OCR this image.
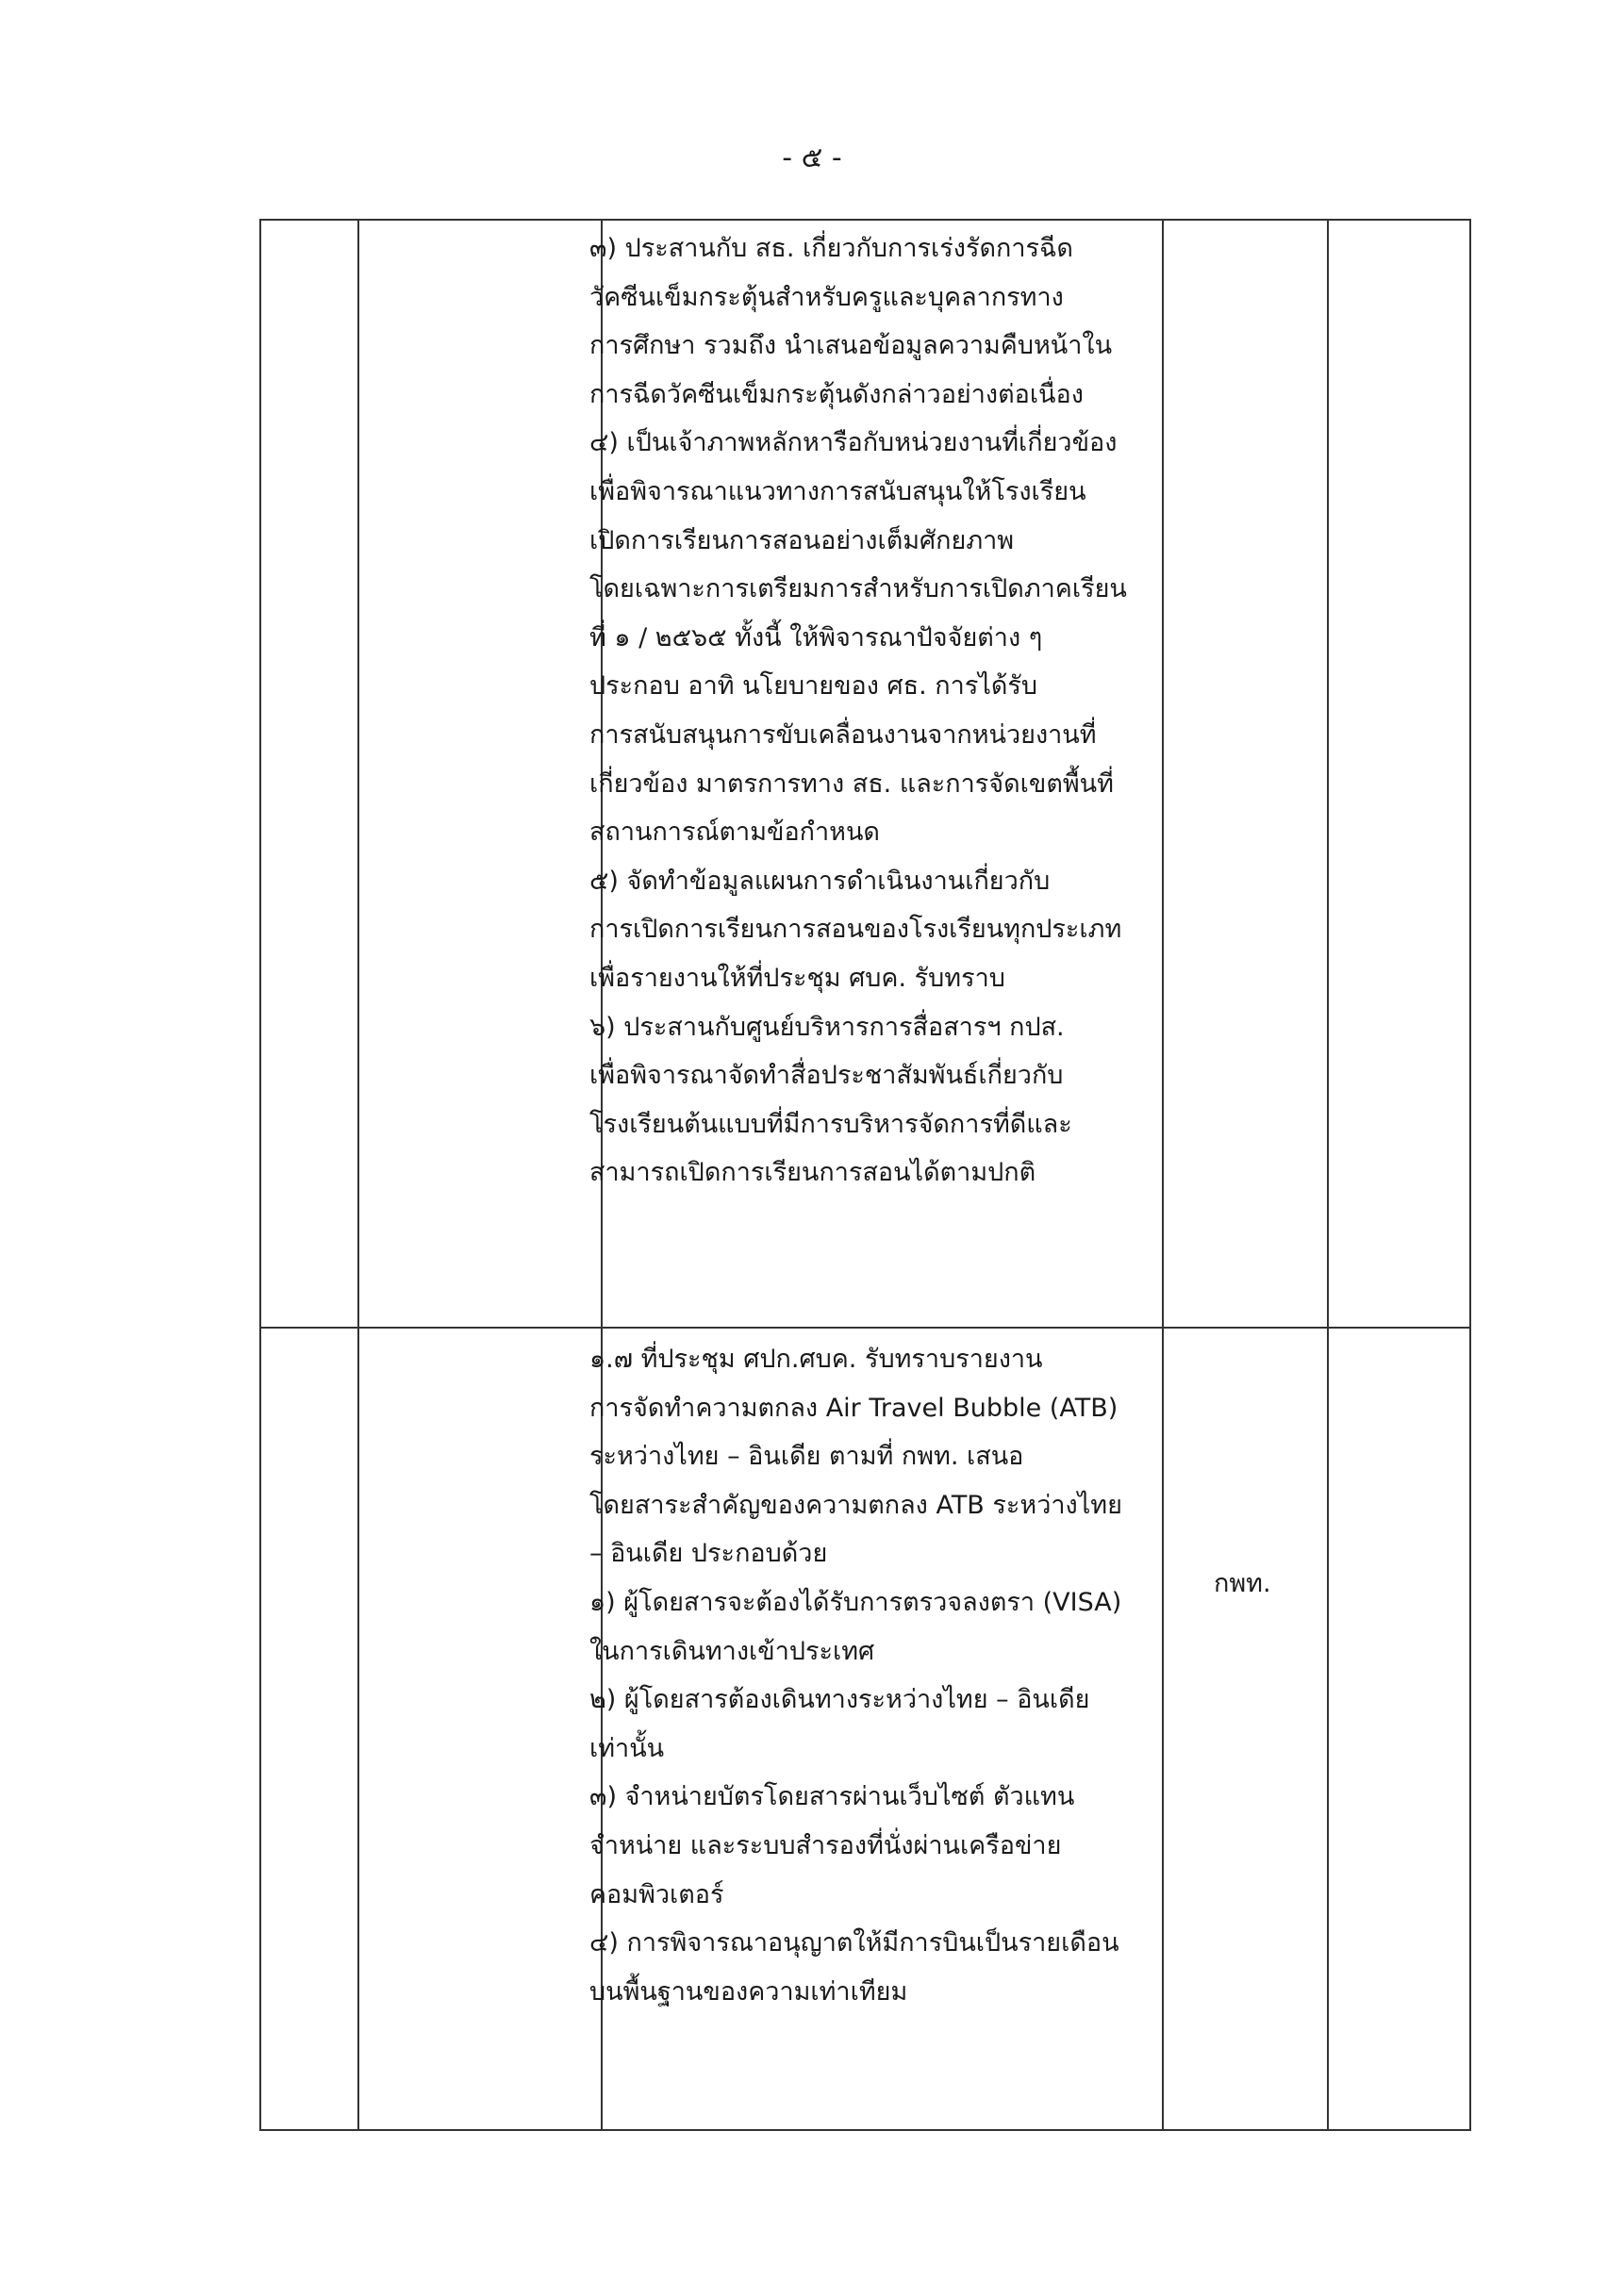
- ๕ -
๓) ประสานกับ สธ. เกี่ยวกับการเร่งรัดการฉีด
วัคซีนเข็มกระตุ้นสำหรับครูและบุคลากรทาง
การศึกษา รวมถึง นำเสนอข้อมูลความคืบหน้าใน
การฉีดวัคซีนเข็มกระตุ้นดังกล่าวอย่างต่อเนื่อง
๔) เป็นเจ้าภาพหลักหารือกับหน่วยงานที่เกี่ยวข้อง
เพื่อพิจารณาแนวทางการสนับสนุนให้โรงเรียน
เปิดการเรียนการสอนอย่างเต็มศักยภาพ
โดยเฉพาะการเตรียมการสำหรับการเปิดภาคเรียน
ที่ ๑ / ๒๕๖๕ ทั้งนี้ ให้พิจารณาปัจจัยต่าง ๆ
ประกอบ อาทิ นโยบายของ ศธ. การได้รับ
การสนับสนุนการขับเคลื่อนงานจากหน่วยงานที่
เกี่ยวข้อง มาตรการทาง สธ. และการจัดเขตพื้นที่
สถานการณ์ตามข้อกำหนด
๕) จัดทำข้อมูลแผนการดำเนินงานเกี่ยวกับ
การเปิดการเรียนการสอนของโรงเรียนทุกประเภท
เพื่อรายงานให้ที่ประชุม ศบค. รับทราบ
๖) ประสานกับศูนย์บริหารการสื่อสารฯ กปส.
เพื่อพิจารณาจัดทำสื่อประชาสัมพันธ์เกี่ยวกับ
โรงเรียนต้นแบบที่มีการบริหารจัดการที่ดีและ
สามารถเปิดการเรียนการสอนได้ตามปกติ
กพท.
๑.๗ ที่ประชุม ศปก.ศบค. รับทราบรายงาน
การจัดทำความตกลง Air Travel Bubble (ATB)
ระหว่างไทย – อินเดีย ตามที่ กพท. เสนอ
โดยสาระสำคัญของความตกลง ATB ระหว่างไทย
– อินเดีย ประกอบด้วย
๑) ผู้โดยสารจะต้องได้รับการตรวจลงตรา (VISA)
ในการเดินทางเข้าประเทศ
๒) ผู้โดยสารต้องเดินทางระหว่างไทย – อินเดีย
เท่านั้น
๓) จำหน่ายบัตรโดยสารผ่านเว็บไซต์ ตัวแทน
จำหน่าย และระบบสำรองที่นั่งผ่านเครือข่าย
คอมพิวเตอร์
๔) การพิจารณาอนุญาตให้มีการบินเป็นรายเดือน
บนพื้นฐานของความเท่าเทียม
